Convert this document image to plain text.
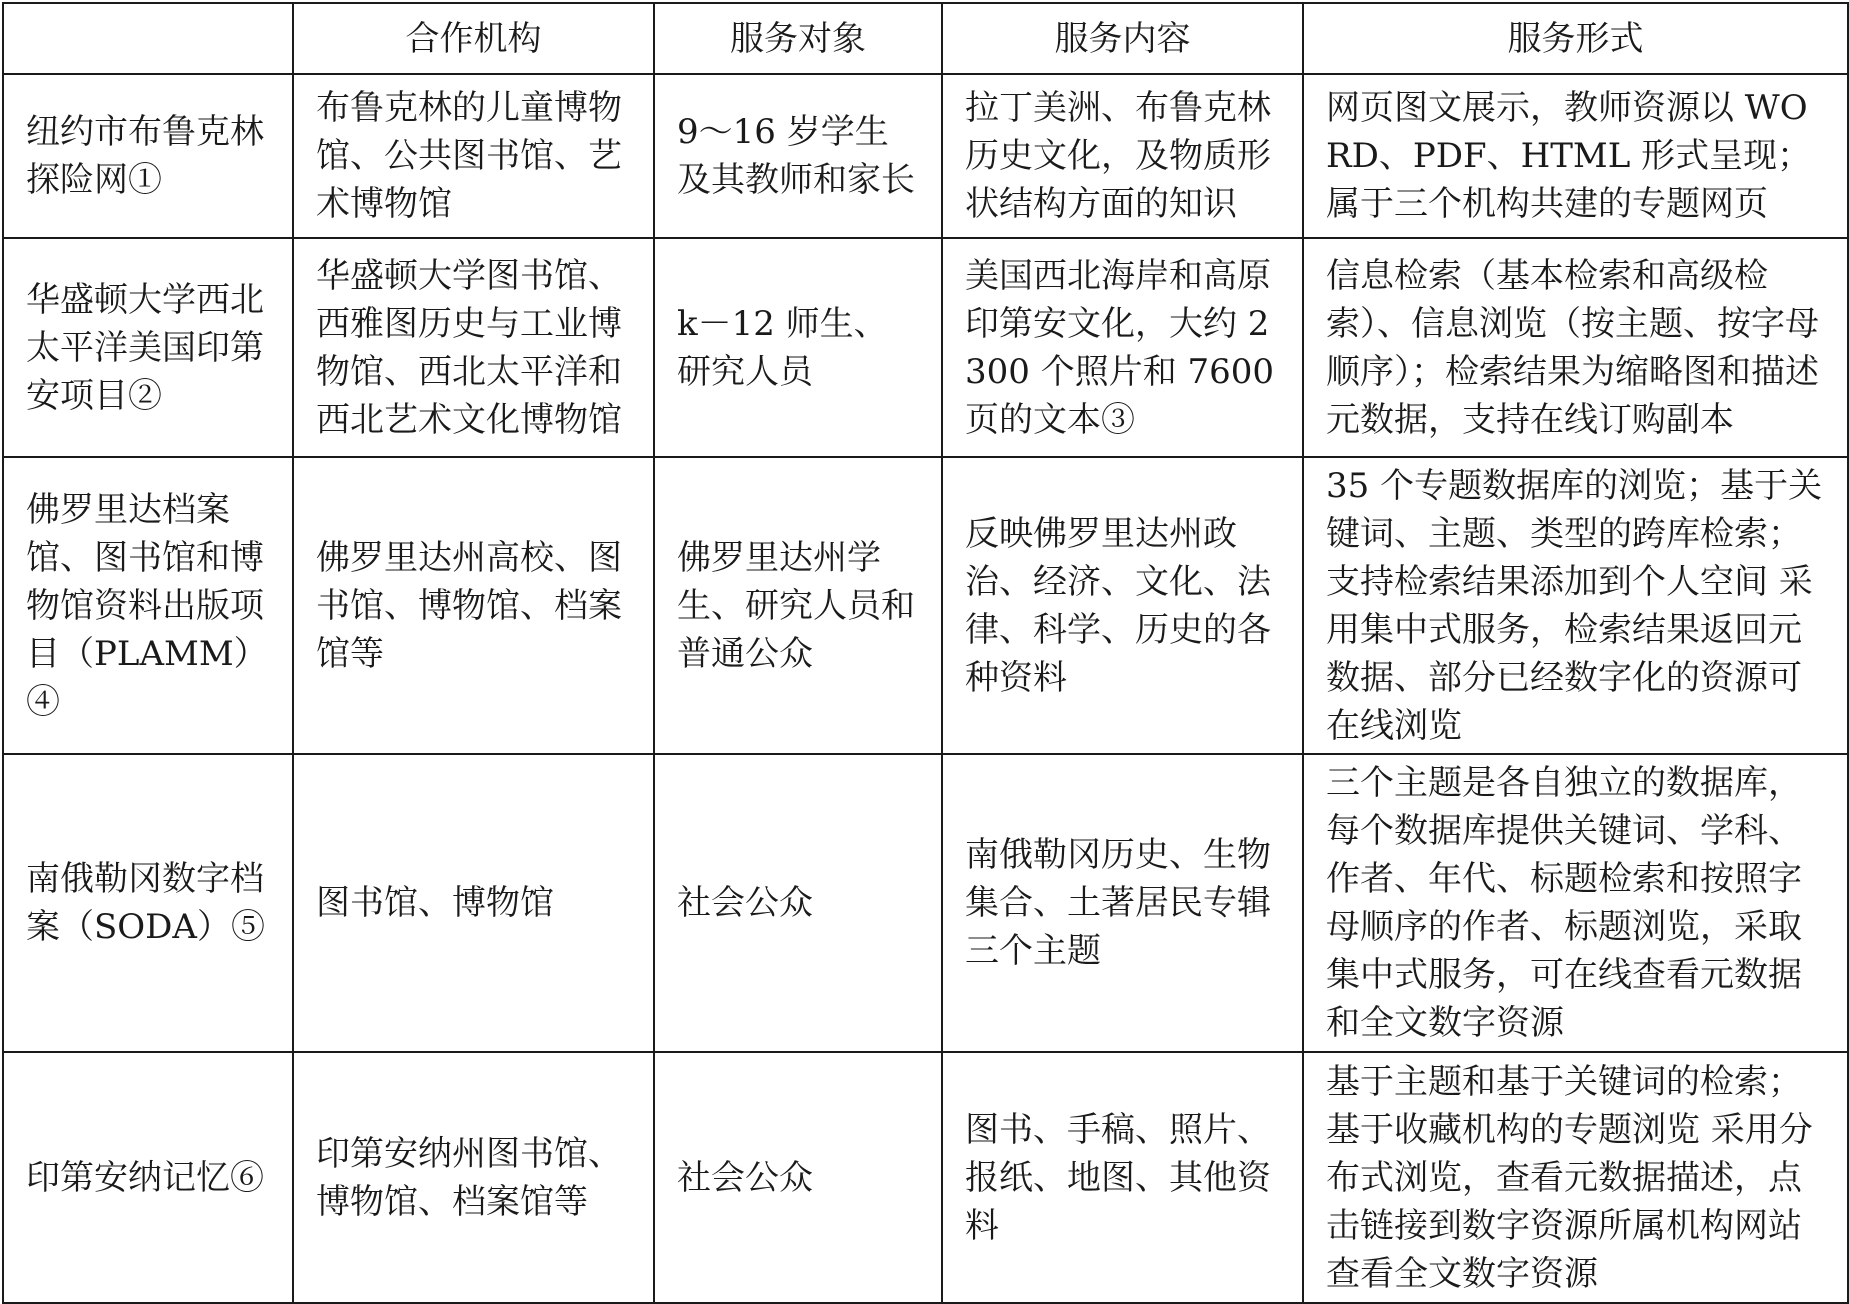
	合作机构	服务对象	服务内容	服务形式
纽约市布鲁克林探险网①	布鲁克林的儿童博物馆、公共图书馆、艺术博物馆	9～16 岁学生及其教师和家长	拉丁美洲、布鲁克林历史文化，及物质形状结构方面的知识	网页图文展示，教师资源以 WORD、PDF、HTML 形式呈现；属于三个机构共建的专题网页
华盛顿大学西北太平洋美国印第安项目②	华盛顿大学图书馆、西雅图历史与工业博物馆、西北太平洋和西北艺术文化博物馆	k－12 师生、研究人员	美国西北海岸和高原印第安文化，大约 2300 个照片和 7600 页的文本③	信息检索（基本检索和高级检索）、信息浏览（按主题、按字母顺序）；检索结果为缩略图和描述元数据，支持在线订购副本
佛罗里达档案馆、图书馆和博物馆资料出版项目（PLAMM）④	佛罗里达州高校、图书馆、博物馆、档案馆等	佛罗里达州学生、研究人员和普通公众	反映佛罗里达州政治、经济、文化、法律、科学、历史的各种资料	35 个专题数据库的浏览；基于关键词、主题、类型的跨库检索；支持检索结果添加到个人空间 采用集中式服务，检索结果返回元数据、部分已经数字化的资源可在线浏览
南俄勒冈数字档案（SODA）⑤	图书馆、博物馆	社会公众	南俄勒冈历史、生物集合、土著居民专辑三个主题	三个主题是各自独立的数据库，每个数据库提供关键词、学科、作者、年代、标题检索和按照字母顺序的作者、标题浏览，采取集中式服务，可在线查看元数据和全文数字资源
印第安纳记忆⑥	印第安纳州图书馆、博物馆、档案馆等	社会公众	图书、手稿、照片、报纸、地图、其他资料	基于主题和基于关键词的检索；基于收藏机构的专题浏览 采用分布式浏览，查看元数据描述，点击链接到数字资源所属机构网站查看全文数字资源
